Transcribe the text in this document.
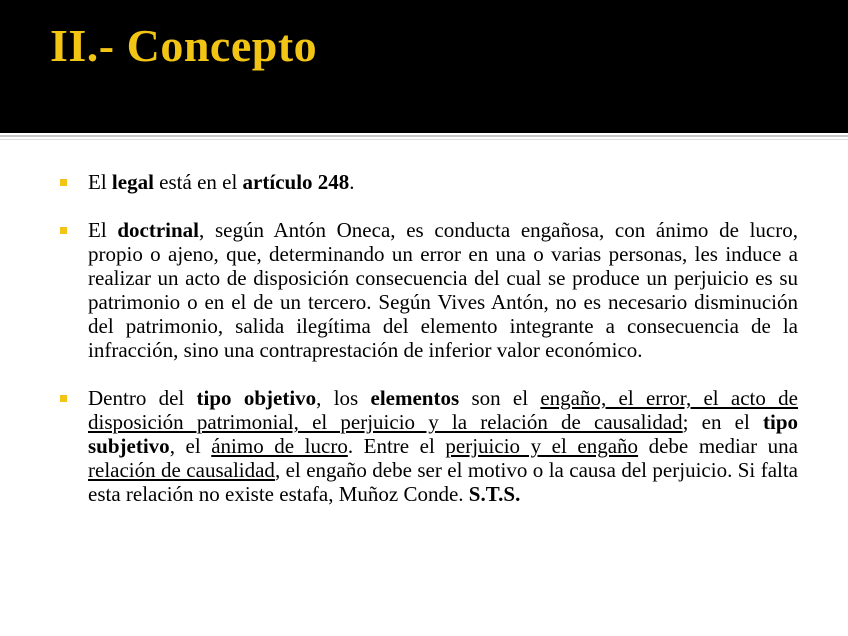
II.- Concepto
El legal está en el artículo 248.
El doctrinal, según Antón Oneca, es conducta engañosa, con ánimo de lucro, propio o ajeno, que, determinando un error en una o varias personas, les induce a realizar un acto de disposición consecuencia del cual se produce un perjuicio es su patrimonio o en el de un tercero. Según Vives Antón, no es necesario disminución del patrimonio, salida ilegítima del elemento integrante a consecuencia de la infracción, sino una contraprestación de inferior valor económico.
Dentro del tipo objetivo, los elementos son el engaño, el error, el acto de disposición patrimonial, el perjuicio y la relación de causalidad; en el tipo subjetivo, el ánimo de lucro. Entre el perjuicio y el engaño debe mediar una relación de causalidad, el engaño debe ser el motivo o la causa del perjuicio. Si falta esta relación no existe estafa, Muñoz Conde. S.T.S.
